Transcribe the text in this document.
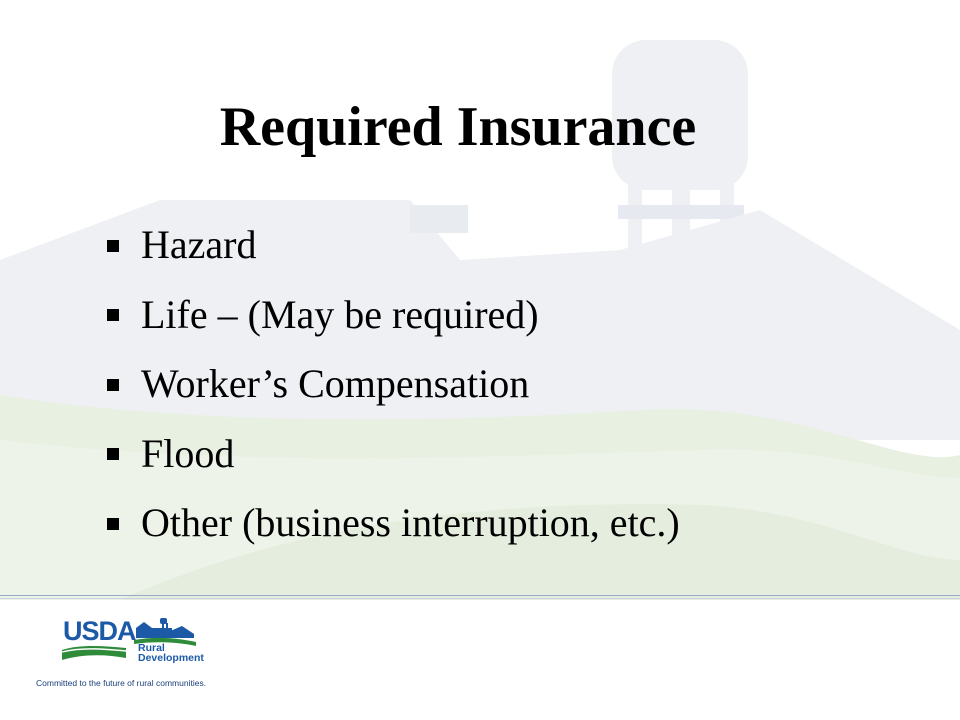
Required Insurance
Hazard
Life – (May be required)
Worker’s Compensation
Flood
Other (business interruption, etc.)
USDA
Rural
Development
Committed to the future of rural communities.
